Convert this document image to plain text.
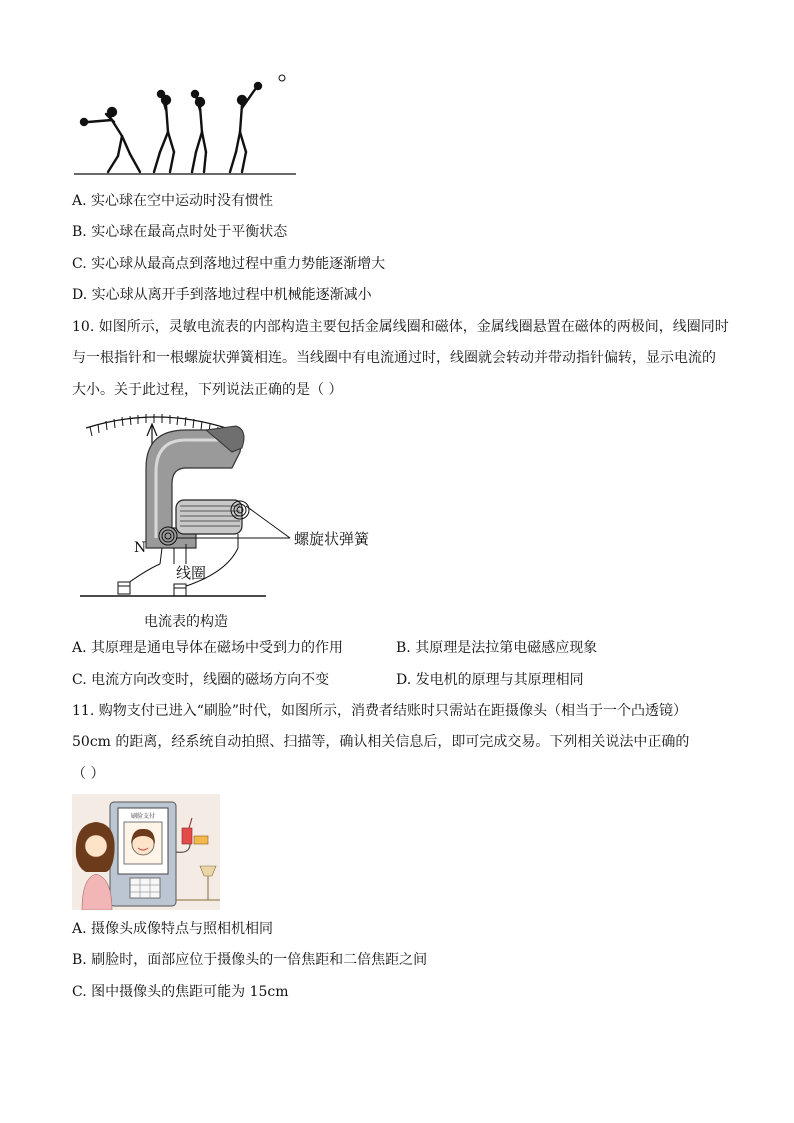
A. 实心球在空中运动时没有惯性
B. 实心球在最高点时处于平衡状态
C. 实心球从最高点到落地过程中重力势能逐渐增大
D. 实心球从离开手到落地过程中机械能逐渐减小
10. 如图所示，灵敏电流表的内部构造主要包括金属线圈和磁体，金属线圈悬置在磁体的两极间，线圈同时
与一根指针和一根螺旋状弹簧相连。当线圈中有电流通过时，线圈就会转动并带动指针偏转，显示电流的
大小。关于此过程，下列说法正确的是（ ）
N	螺旋状弹簧
线圈
电流表的构造
A. 其原理是通电导体在磁场中受到力的作用	B. 其原理是法拉第电磁感应现象
C. 电流方向改变时，线圈的磁场方向不变	D. 发电机的原理与其原理相同
11. 购物支付已进入“刷脸”时代，如图所示，消费者结账时只需站在距摄像头（相当于一个凸透镜）
50cm 的距离，经系统自动拍照、扫描等，确认相关信息后，即可完成交易。下列相关说法中正确的
（ ）
刷脸支付
A. 摄像头成像特点与照相机相同
B. 刷脸时，面部应位于摄像头的一倍焦距和二倍焦距之间
C. 图中摄像头的焦距可能为 15cm
